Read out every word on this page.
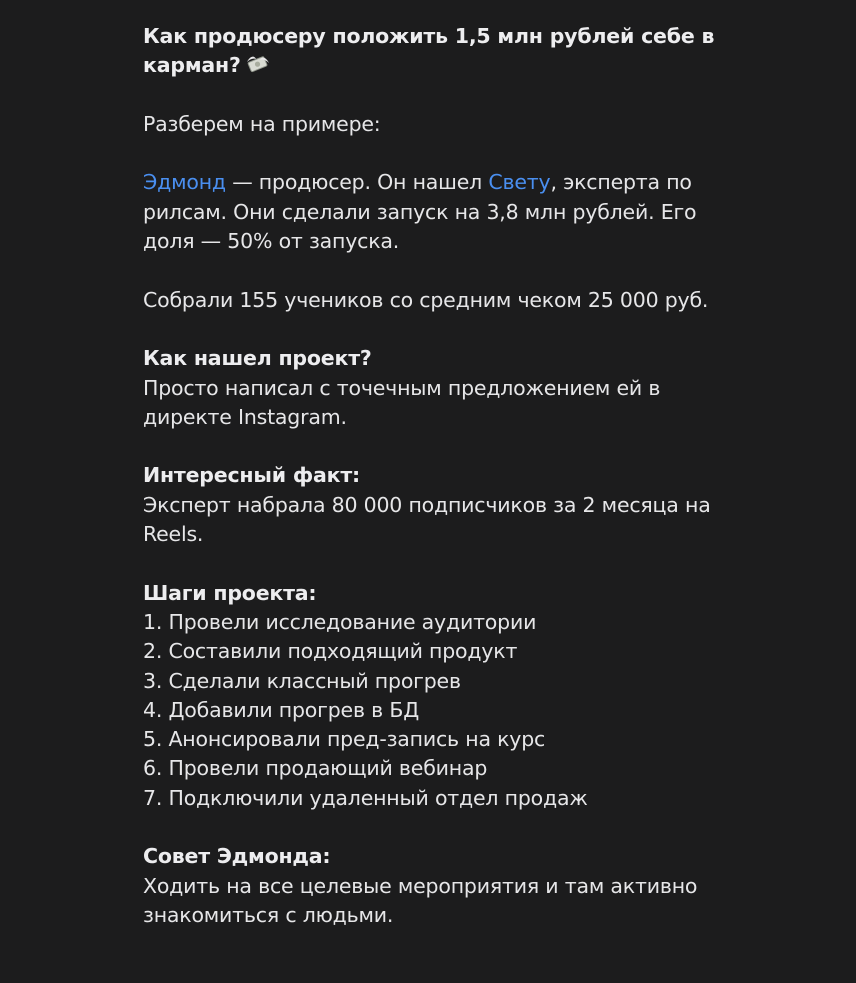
Как продюсеру положить 1,5 млн рублей себе в карман?
Разберем на примере:
Эдмонд — продюсер. Он нашел Свету, эксперта по рилсам. Они сделали запуск на 3,8 млн рублей. Его доля — 50% от запуска.
Собрали 155 учеников со средним чеком 25 000 руб.
Как нашел проект?
Просто написал с точечным предложением ей в директе Instagram.
Интересный факт:
Эксперт набрала 80 000 подписчиков за 2 месяца на Reels.
Шаги проекта:
1. Провели исследование аудитории
2. Составили подходящий продукт
3. Сделали классный прогрев
4. Добавили прогрев в БД
5. Анонсировали пред-запись на курс
6. Провели продающий вебинар
7. Подключили удаленный отдел продаж
Совет Эдмонда:
Ходить на все целевые мероприятия и там активно знакомиться с людьми.
